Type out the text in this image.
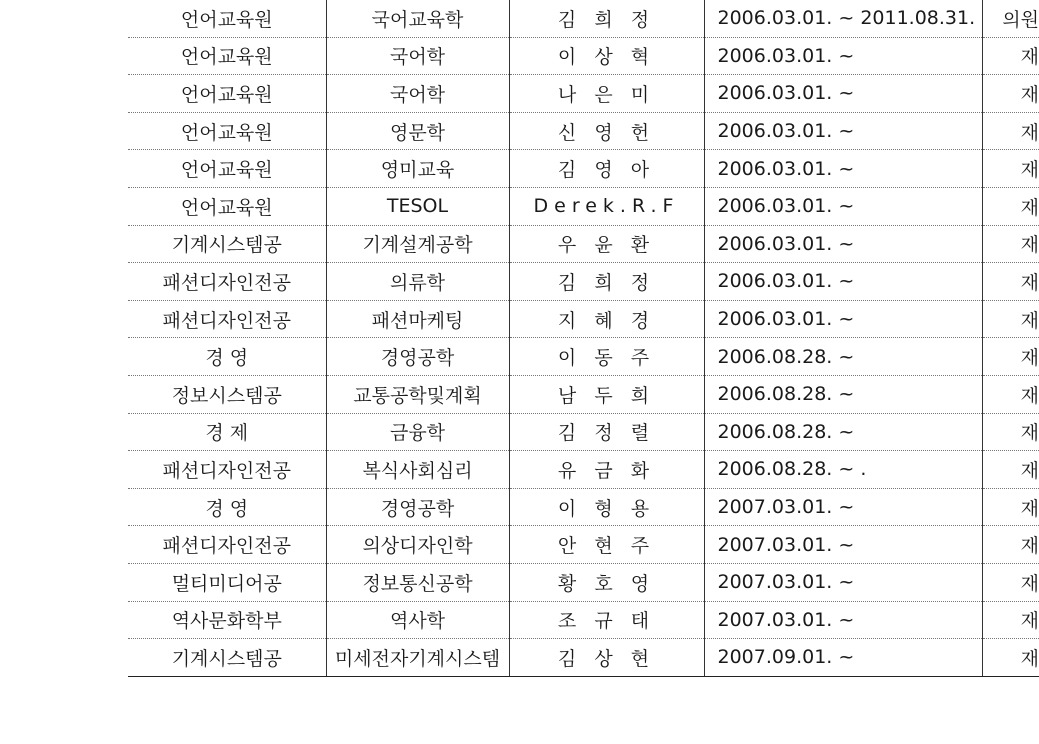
언어교육원	국어교육학	김 희 정	2006.03.01. ~ 2011.08.31.	의원
언어교육원	국어학	이 상 혁	2006.03.01. ~	재
언어교육원	국어학	나 은 미	2006.03.01. ~	재
언어교육원	영문학	신 영 헌	2006.03.01. ~	재
언어교육원	영미교육	김 영 아	2006.03.01. ~	재
언어교육원	TESOL	Derek.R.F	2006.03.01. ~	재
기계시스템공	기계설계공학	우 윤 환	2006.03.01. ~	재
패션디자인전공	의류학	김 희 정	2006.03.01. ~	재
패션디자인전공	패션마케팅	지 혜 경	2006.03.01. ~	재
경 영	경영공학	이 동 주	2006.08.28. ~	재
정보시스템공	교통공학및계획	남 두 희	2006.08.28. ~	재
경 제	금융학	김 정 렬	2006.08.28. ~	재
패션디자인전공	복식사회심리	유 금 화	2006.08.28. ~ .	재
경 영	경영공학	이 형 용	2007.03.01. ~	재
패션디자인전공	의상디자인학	안 현 주	2007.03.01. ~	재
멀티미디어공	정보통신공학	황 호 영	2007.03.01. ~	재
역사문화학부	역사학	조 규 태	2007.03.01. ~	재
기계시스템공	미세전자기계시스템	김 상 현	2007.09.01. ~	재
